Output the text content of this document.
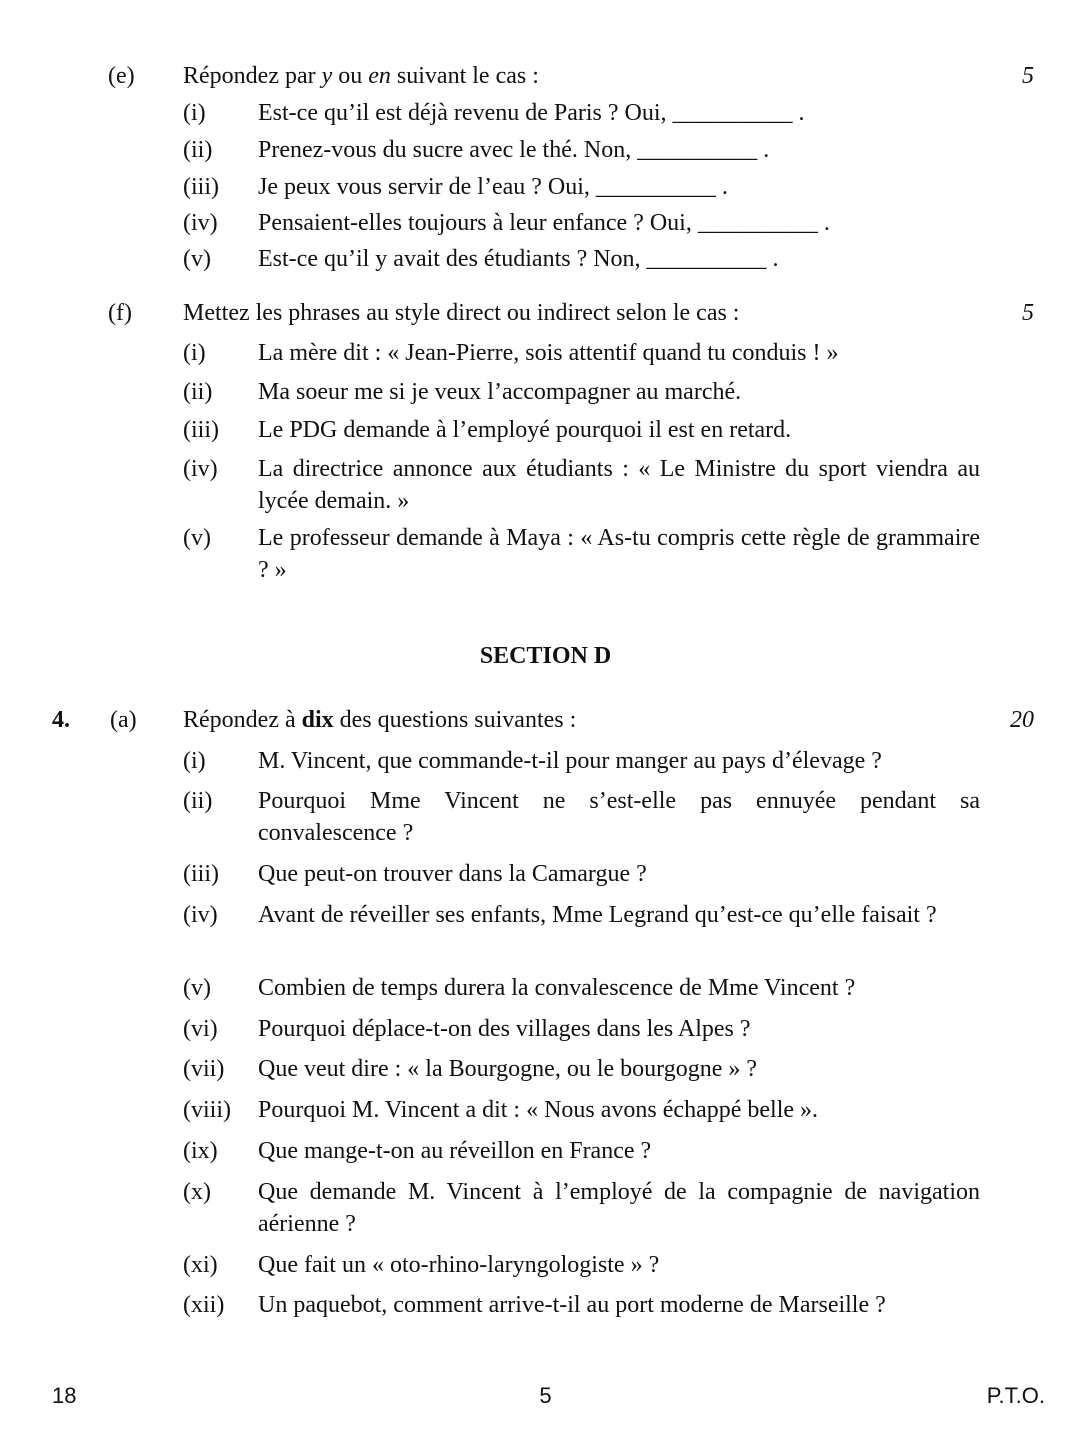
(e) Répondez par y ou en suivant le cas :	5
(i) Est-ce qu’il est déjà revenu de Paris ? Oui, __________ .
(ii) Prenez-vous du sucre avec le thé. Non, __________ .
(iii) Je peux vous servir de l’eau ? Oui, __________ .
(iv) Pensaient-elles toujours à leur enfance ? Oui, __________ .
(v) Est-ce qu’il y avait des étudiants ? Non, __________ .
(f) Mettez les phrases au style direct ou indirect selon le cas :	5
(i) La mère dit : « Jean-Pierre, sois attentif quand tu conduis ! »
(ii) Ma soeur me si je veux l’accompagner au marché.
(iii) Le PDG demande à l’employé pourquoi il est en retard.
(iv) La directrice annonce aux étudiants : « Le Ministre du sport viendra au lycée demain. »
(v) Le professeur demande à Maya : « As-tu compris cette règle de grammaire ? »
SECTION D
4. (a) Répondez à dix des questions suivantes :	20
(i) M. Vincent, que commande-t-il pour manger au pays d’élevage ?
(ii) Pourquoi Mme Vincent ne s’est-elle pas ennuyée pendant sa convalescence ?
(iii) Que peut-on trouver dans la Camargue ?
(iv) Avant de réveiller ses enfants, Mme Legrand qu’est-ce qu’elle faisait ?
(v) Combien de temps durera la convalescence de Mme Vincent ?
(vi) Pourquoi déplace-t-on des villages dans les Alpes ?
(vii) Que veut dire : « la Bourgogne, ou le bourgogne » ?
(viii) Pourquoi M. Vincent a dit : « Nous avons échappé belle ».
(ix) Que mange-t-on au réveillon en France ?
(x) Que demande M. Vincent à l’employé de la compagnie de navigation aérienne ?
(xi) Que fait un « oto-rhino-laryngologiste » ?
(xii) Un paquebot, comment arrive-t-il au port moderne de Marseille ?
18	5	P.T.O.
